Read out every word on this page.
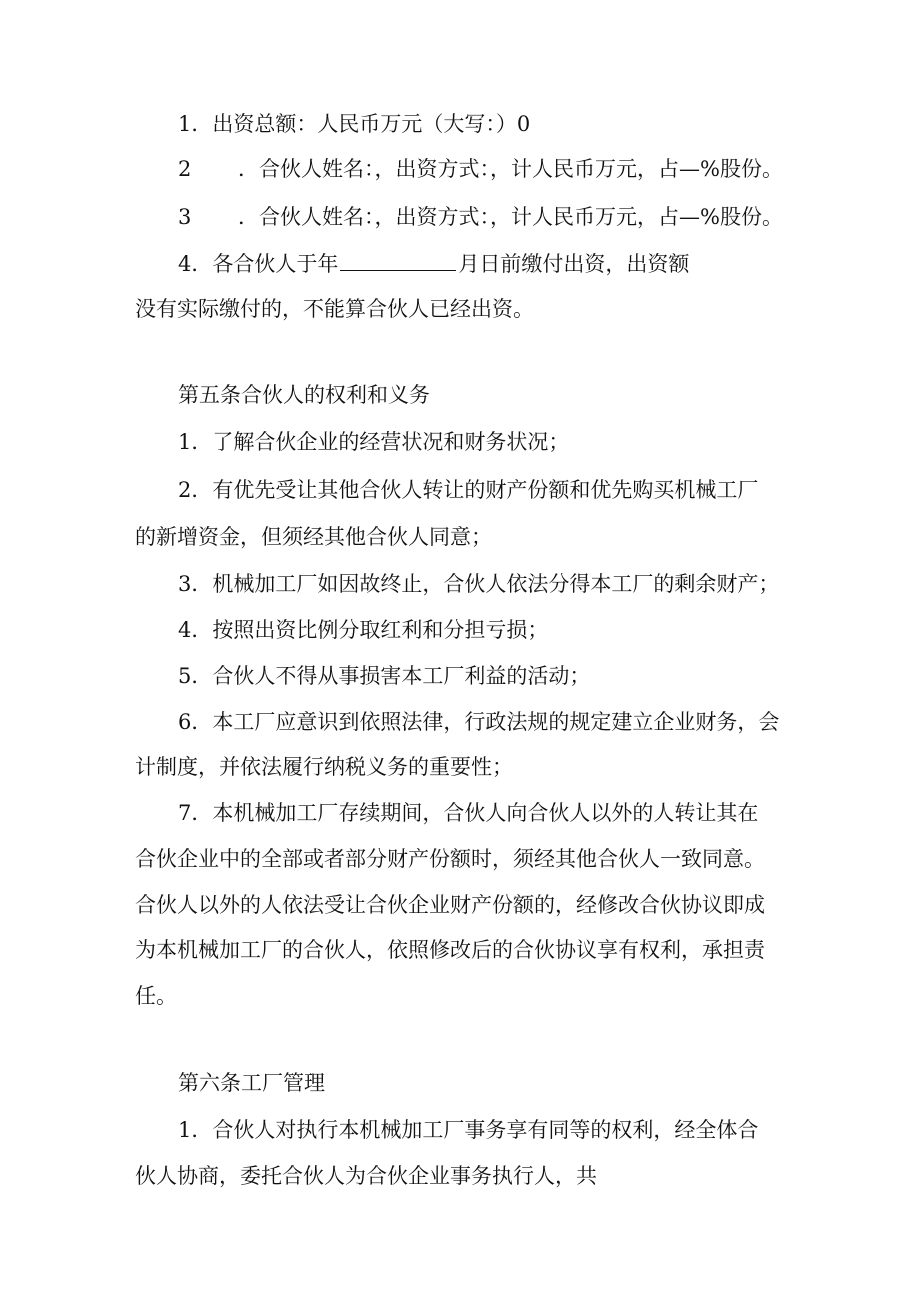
1．出资总额：人民币万元（大写：）0
2 ．合伙人姓名：，出资方式：，计人民币万元，占—%股份。
3 ．合伙人姓名：，出资方式：，计人民币万元，占—%股份。
4．各合伙人于年	月日前缴付出资，出资额
没有实际缴付的，不能算合伙人已经出资。
第五条合伙人的权利和义务
1．了解合伙企业的经营状况和财务状况；
2．有优先受让其他合伙人转让的财产份额和优先购买机械工厂
的新增资金，但须经其他合伙人同意；
3．机械加工厂如因故终止，合伙人依法分得本工厂的剩余财产；
4．按照出资比例分取红利和分担亏损；
5．合伙人不得从事损害本工厂利益的活动；
6．本工厂应意识到依照法律，行政法规的规定建立企业财务，会
计制度，并依法履行纳税义务的重要性；
7．本机械加工厂存续期间，合伙人向合伙人以外的人转让其在
合伙企业中的全部或者部分财产份额时，须经其他合伙人一致同意。
合伙人以外的人依法受让合伙企业财产份额的，经修改合伙协议即成
为本机械加工厂的合伙人，依照修改后的合伙协议享有权利，承担责
任。
第六条工厂管理
1．合伙人对执行本机械加工厂事务享有同等的权利，经全体合
伙人协商，委托合伙人为合伙企业事务执行人，共
